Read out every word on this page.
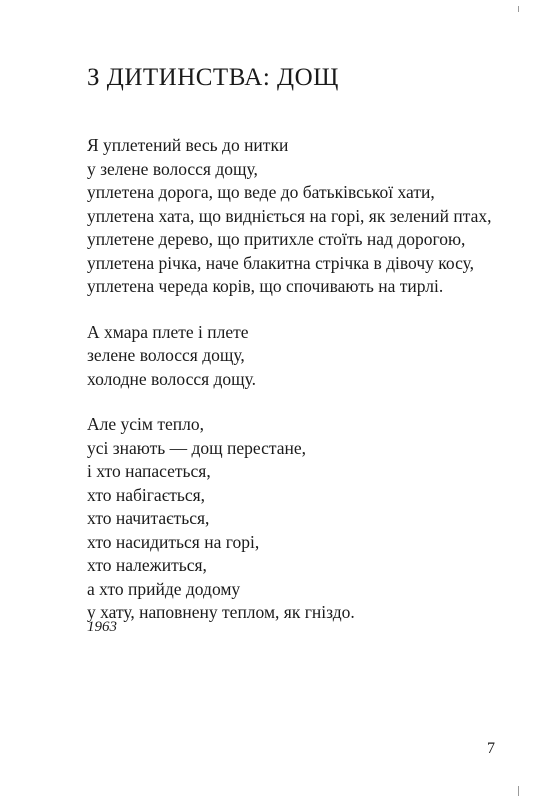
З ДИТИНСТВА: ДОЩ

Я уплетений весь до нитки
у зелене волосся дощу,
уплетена дорога, що веде до батьківської хати,
уплетена хата, що видніється на горі, як зелений птах,
уплетене дерево, що притихле стоїть над дорогою,
уплетена річка, наче блакитна стрічка в дівочу косу,
уплетена череда корів, що спочивають на тирлі.

А хмара плете і плете
зелене волосся дощу,
холодне волосся дощу.

Але усім тепло,
усі знають — дощ перестане,
і хто напасеться,
хто набігається,
хто начитається,
хто насидиться на горі,
хто належиться,
а хто прийде додому
у хату, наповнену теплом, як гніздо.

1963

7
